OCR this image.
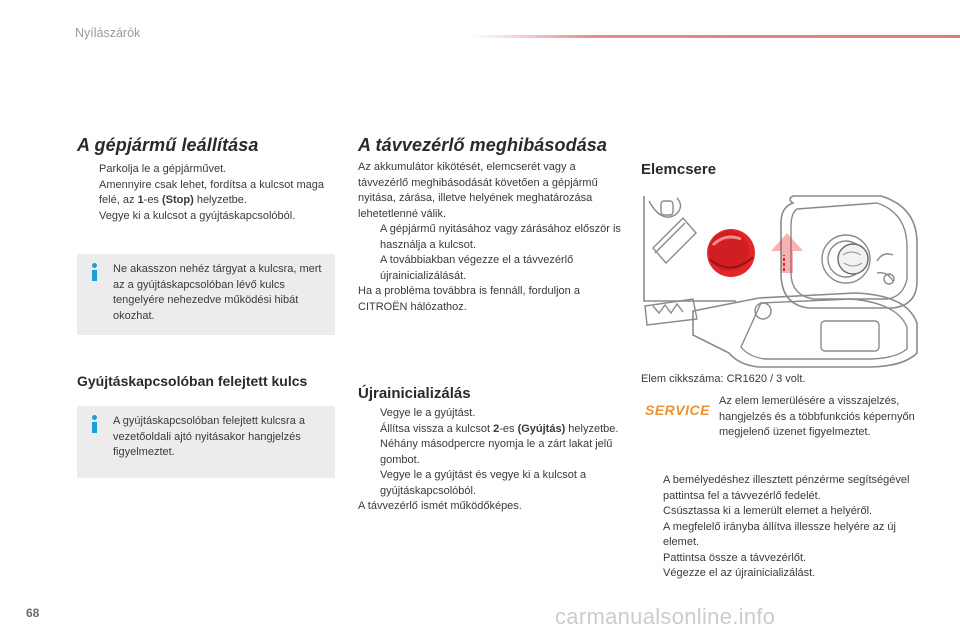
Nyílászárók
A gépjármű leállítása
Parkolja le a gépjárművet.
Amennyire csak lehet, fordítsa a kulcsot maga felé, az 1-es (Stop) helyzetbe.
Vegye ki a kulcsot a gyújtáskapcsolóból.

Ne akasszon nehéz tárgyat a kulcsra, mert az a gyújtáskapcsolóban lévő kulcs tengelyére nehezedve működési hibát okozhat.

Gyújtáskapcsolóban felejtett kulcs

A gyújtáskapcsolóban felejtett kulcsra a vezetőoldali ajtó nyitásakor hangjelzés figyelmeztet.

A távvezérlő meghibásodása

Az akkumulátor kikötését, elemcserét vagy a távvezérlő meghibásodását követően a gépjármű nyitása, zárása, illetve helyének meghatározása lehetetlenné válik.

A gépjármű nyitásához vagy zárásához először is használja a kulcsot.
A továbbiakban végezze el a távvezérlő újrainicializálását.

Ha a probléma továbbra is fennáll, forduljon a CITROËN hálózathoz.

Újrainicializálás
Vegye le a gyújtást.
Állítsa vissza a kulcsot 2-es (Gyújtás) helyzetbe.
Néhány másodpercre nyomja le a zárt lakat jelű gombot.
Vegye le a gyújtást és vegye ki a kulcsot a gyújtáskapcsolóból.

A távvezérlő ismét működőképes.

Elemcsere

Elem cikkszáma: CR1620 / 3 volt.

SERVICE

Az elem lemerülésére a visszajelzés, hangjelzés és a többfunkciós képernyőn megjelenő üzenet figyelmeztet.

A bemélyedéshez illesztett pénzérme segítségével pattintsa fel a távvezérlő fedelét.
Csúsztassa ki a lemerült elemet a helyéről.
A megfelelő irányba állítva illessze helyére az új elemet.
Pattintsa össze a távvezérlőt.
Végezze el az újrainicializálást.
68	carmanualsonline.info
